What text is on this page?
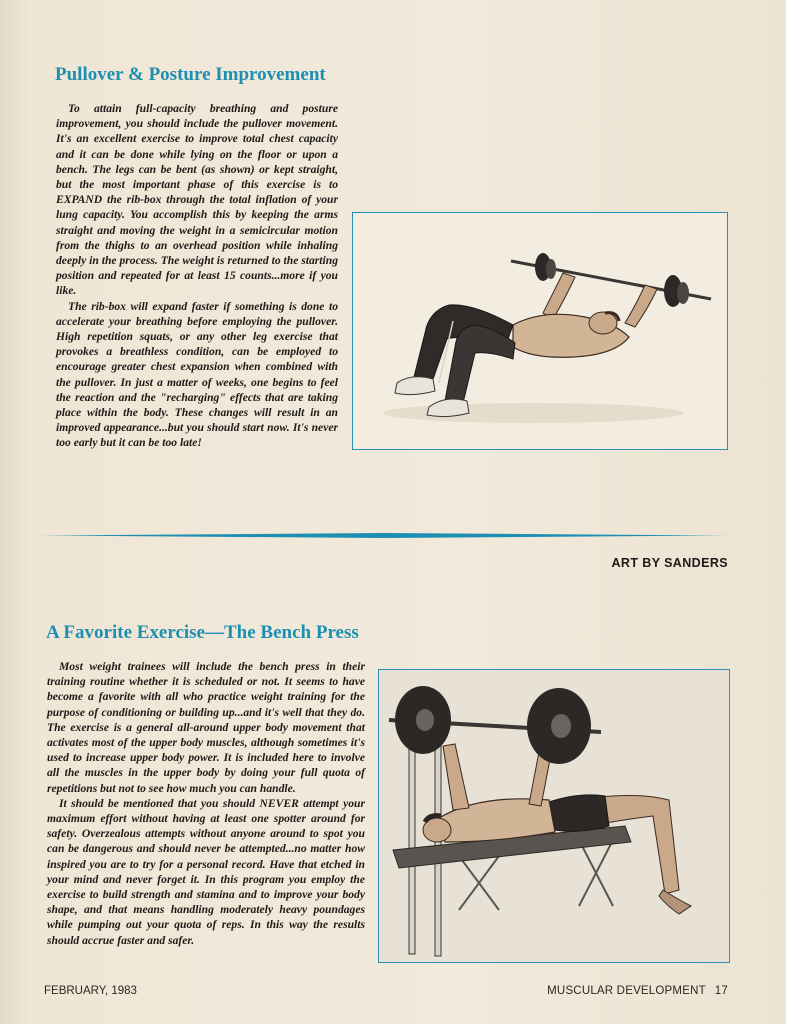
Pullover & Posture Improvement

To attain full-capacity breathing and posture improvement, you should include the pullover movement. It's an excellent exercise to improve total chest capacity and it can be done while lying on the floor or upon a bench. The legs can be bent (as shown) or kept straight, but the most important phase of this exercise is to EXPAND the rib-box through the total inflation of your lung capacity. You accomplish this by keeping the arms straight and moving the weight in a semicircular motion from the thighs to an overhead position while inhaling deeply in the process. The weight is returned to the starting position and repeated for at least 15 counts...more if you like.

The rib-box will expand faster if something is done to accelerate your breathing before employing the pullover. High repetition squats, or any other leg exercise that provokes a breathless condition, can be employed to encourage greater chest expansion when combined with the pullover. In just a matter of weeks, one begins to feel the reaction and the "recharging" effects that are taking place within the body. These changes will result in an improved appearance...but you should start now. It's never too early but it can be too late!

ART BY SANDERS
A Favorite Exercise—The Bench Press

Most weight trainees will include the bench press in their training routine whether it is scheduled or not. It seems to have become a favorite with all who practice weight training for the purpose of conditioning or building up...and it's well that they do. The exercise is a general all-around upper body movement that activates most of the upper body muscles, although sometimes it's used to increase upper body power. It is included here to involve all the muscles in the upper body by doing your full quota of repetitions but not to see how much you can handle.

It should be mentioned that you should NEVER attempt your maximum effort without having at least one spotter around for safety. Overzealous attempts without anyone around to spot you can be dangerous and should never be attempted...no matter how inspired you are to try for a personal record. Have that etched in your mind and never forget it. In this program you employ the exercise to build strength and stamina and to improve your body shape, and that means handling moderately heavy poundages while pumping out your quota of reps. In this way the results should accrue faster and safer.

FEBRUARY, 1983	MUSCULAR DEVELOPMENT 17
